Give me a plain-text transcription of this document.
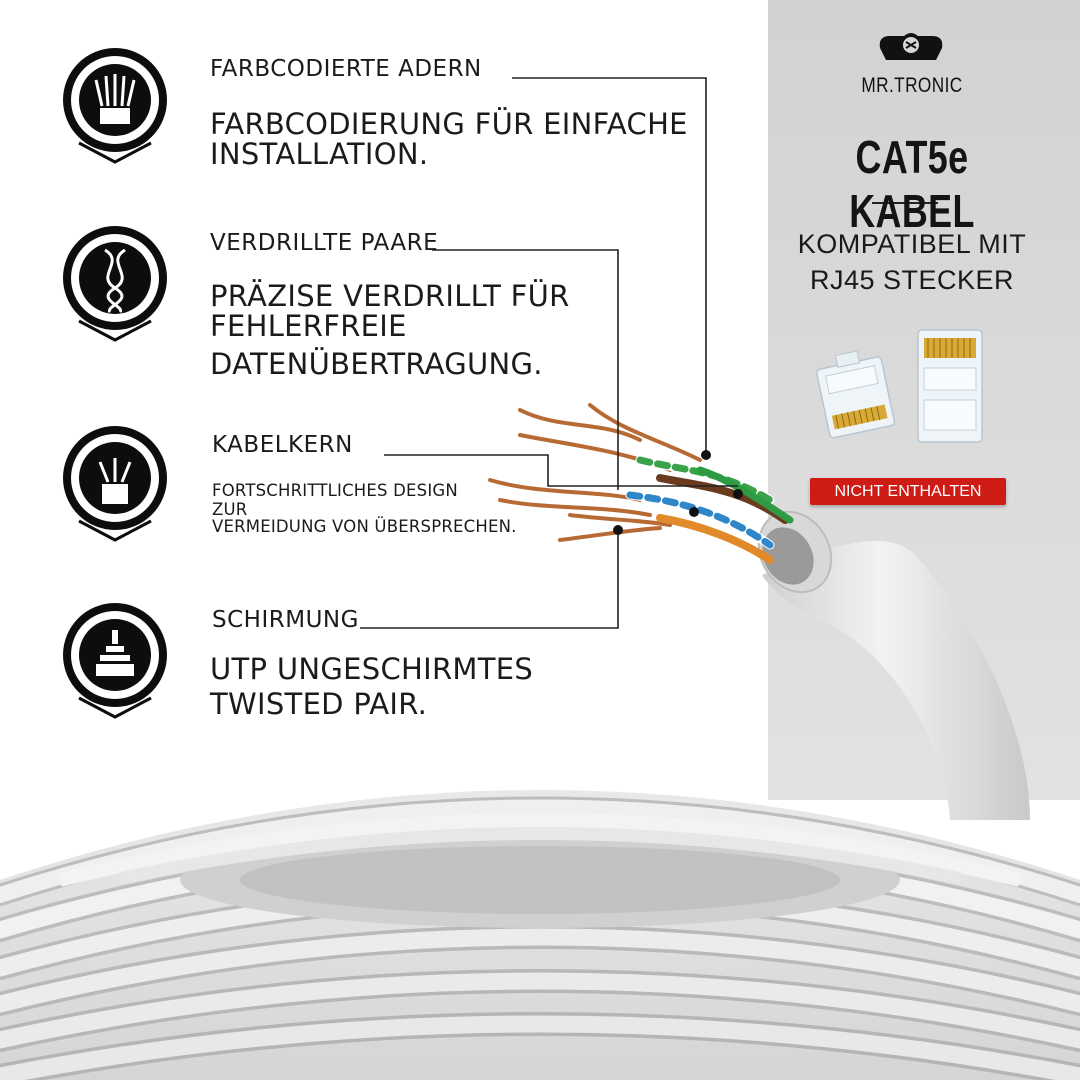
FARBCODIERTE ADERN
FARBCODIERUNG FÜR EINFACHE
INSTALLATION.
VERDRILLTE PAARE
PRÄZISE VERDRILLT FÜR
FEHLERFREIE
DATENÜBERTRAGUNG.
KABELKERN
FORTSCHRITTLICHES DESIGN
ZUR
VERMEIDUNG VON ÜBERSPRECHEN.
SCHIRMUNG
UTP UNGESCHIRMTES
TWISTED PAIR.
MR.TRONIC
CAT5e KABEL
KOMPATIBEL MIT
RJ45 STECKER
NICHT ENTHALTEN
